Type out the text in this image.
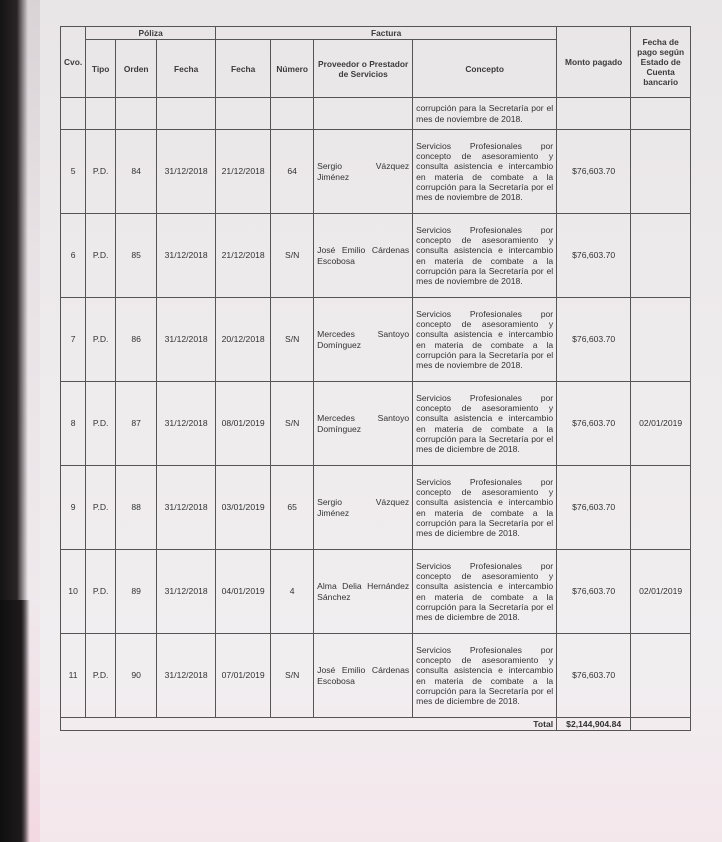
Cvo.	Póliza			Factura				Monto pagado	Fecha de pago según Estado de Cuenta bancario
	Tipo	Orden	Fecha	Fecha	Número	Proveedor o Prestador de Servicios	Concepto		
							corrupción para la Secretaría por el mes de noviembre de 2018.		
5	P.D.	84	31/12/2018	21/12/2018	64	Sergio Vázquez Jiménez	Servicios Profesionales por concepto de asesoramiento y consulta asistencia e intercambio en materia de combate a la corrupción para la Secretaría por el mes de noviembre de 2018.	$76,603.70	
6	P.D.	85	31/12/2018	21/12/2018	S/N	José Emilio Cárdenas Escobosa	Servicios Profesionales por concepto de asesoramiento y consulta asistencia e intercambio en materia de combate a la corrupción para la Secretaría por el mes de noviembre de 2018.	$76,603.70	
7	P.D.	86	31/12/2018	20/12/2018	S/N	Mercedes Santoyo Domínguez	Servicios Profesionales por concepto de asesoramiento y consulta asistencia e intercambio en materia de combate a la corrupción para la Secretaría por el mes de noviembre de 2018.	$76,603.70	
8	P.D.	87	31/12/2018	08/01/2019	S/N	Mercedes Santoyo Domínguez	Servicios Profesionales por concepto de asesoramiento y consulta asistencia e intercambio en materia de combate a la corrupción para la Secretaría por el mes de diciembre de 2018.	$76,603.70	02/01/2019
9	P.D.	88	31/12/2018	03/01/2019	65	Sergio Vázquez Jiménez	Servicios Profesionales por concepto de asesoramiento y consulta asistencia e intercambio en materia de combate a la corrupción para la Secretaría por el mes de diciembre de 2018.	$76,603.70	
10	P.D.	89	31/12/2018	04/01/2019	4	Alma Delia Hernández Sánchez	Servicios Profesionales por concepto de asesoramiento y consulta asistencia e intercambio en materia de combate a la corrupción para la Secretaría por el mes de diciembre de 2018.	$76,603.70	02/01/2019
11	P.D.	90	31/12/2018	07/01/2019	S/N	José Emilio Cárdenas Escobosa	Servicios Profesionales por concepto de asesoramiento y consulta asistencia e intercambio en materia de combate a la corrupción para la Secretaría por el mes de diciembre de 2018.	$76,603.70	
Total								$2,144,904.84	
